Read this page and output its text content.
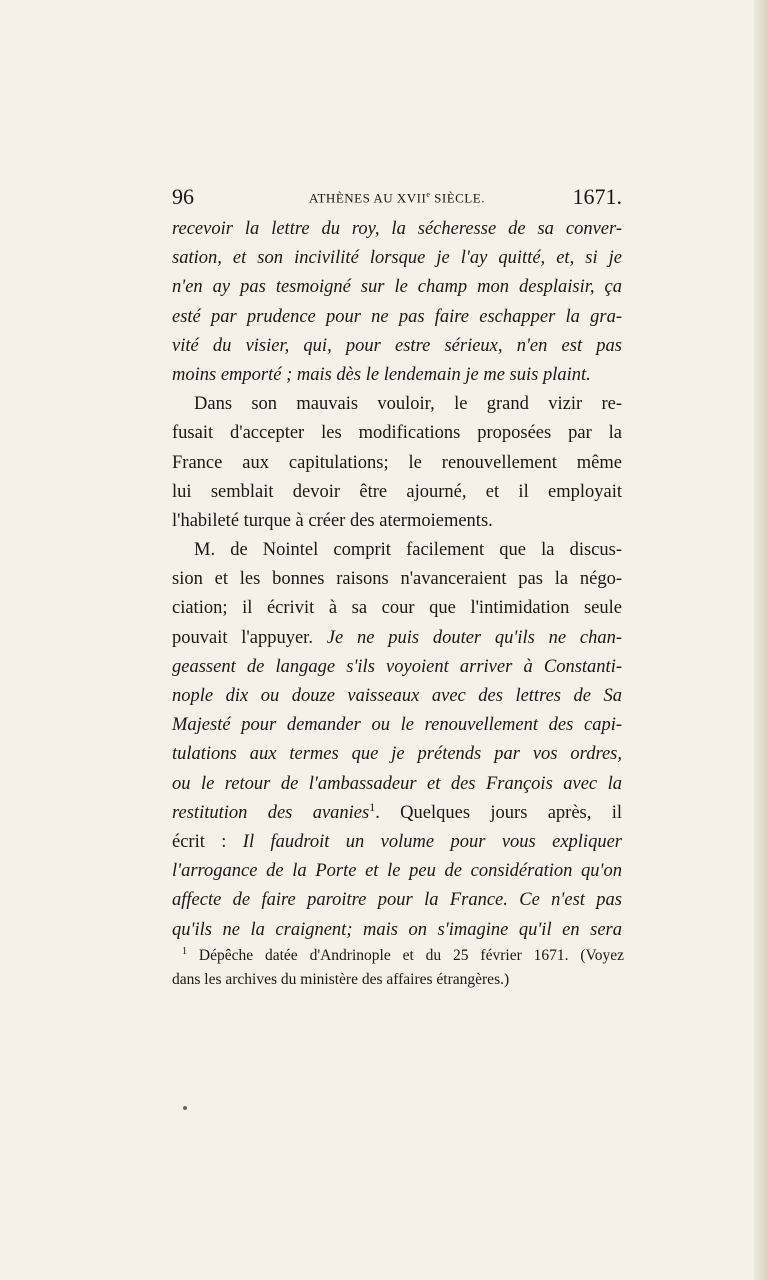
96	ATHÈNES AU XVIIe SIÈCLE.	1671.
recevoir la lettre du roy, la sécheresse de sa conver-
sation, et son incivilité lorsque je l'ay quitté, et, si je
n'en ay pas tesmoigné sur le champ mon desplaisir, ça
esté par prudence pour ne pas faire eschapper la gra-
vité du visier, qui, pour estre sérieux, n'en est pas
moins emporté ; mais dès le lendemain je me suis plaint.
Dans son mauvais vouloir, le grand vizir re-
fusait d'accepter les modifications proposées par la
France aux capitulations; le renouvellement même
lui semblait devoir être ajourné, et il employait
l'habileté turque à créer des atermoiements.
M. de Nointel comprit facilement que la discus-
sion et les bonnes raisons n'avanceraient pas la négo-
ciation; il écrivit à sa cour que l'intimidation seule
pouvait l'appuyer. Je ne puis douter qu'ils ne chan-
geassent de langage s'ils voyoient arriver à Constanti-
nople dix ou douze vaisseaux avec des lettres de Sa
Majesté pour demander ou le renouvellement des capi-
tulations aux termes que je prétends par vos ordres,
ou le retour de l'ambassadeur et des François avec la
restitution des avanies$^1$. Quelques jours après, il
écrit : Il faudroit un volume pour vous expliquer
l'arrogance de la Porte et le peu de considération qu'on
affecte de faire paroitre pour la France. Ce n'est pas
qu'ils ne la craignent; mais on s'imagine qu'il en sera
$^1$ Dépêche datée d'Andrinople et du 25 février 1671. (Voyez
dans les archives du ministère des affaires étrangères.)
